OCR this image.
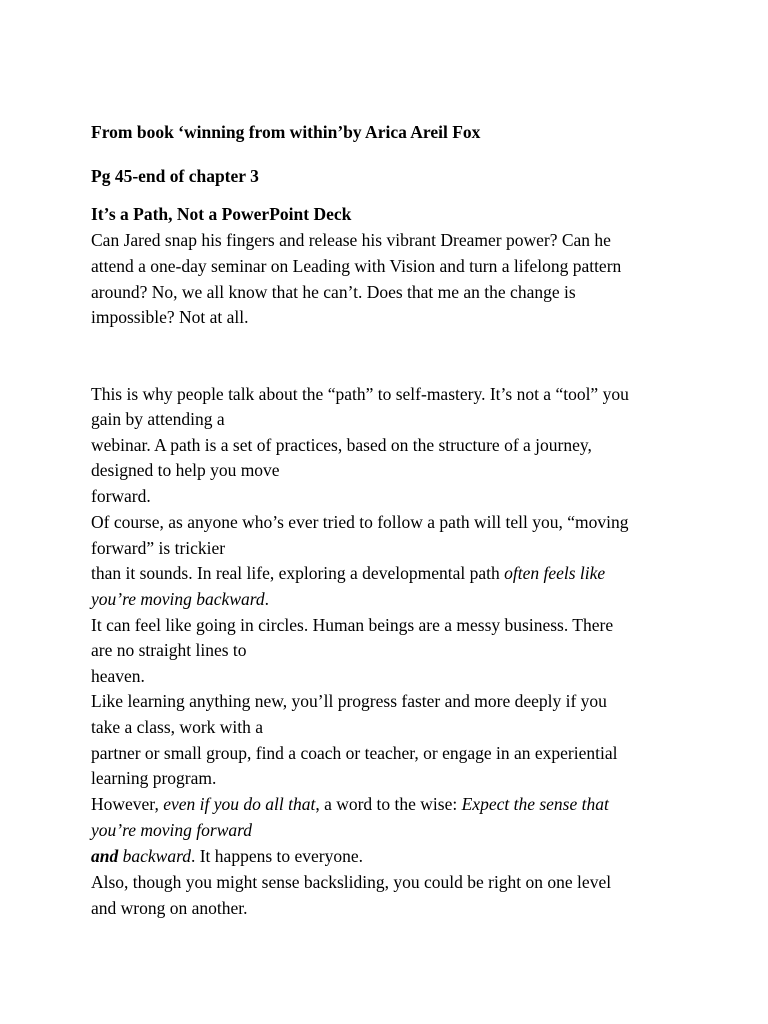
From book ‘winning from within’by Arica Areil Fox
Pg 45-end of chapter 3
It’s a Path, Not a PowerPoint Deck
Can Jared snap his fingers and release his vibrant Dreamer power? Can he
attend a one-day seminar on Leading with Vision and turn a lifelong pattern
around? No, we all know that he can’t. Does that me an the change is
impossible? Not at all.
This is why people talk about the “path” to self-mastery. It’s not a “tool” you
gain by attending a
webinar. A path is a set of practices, based on the structure of a journey,
designed to help you move
forward.
Of course, as anyone who’s ever tried to follow a path will tell you, “moving
forward” is trickier
than it sounds. In real life, exploring a developmental path often feels like
you’re moving backward.
It can feel like going in circles. Human beings are a messy business. There
are no straight lines to
heaven.
Like learning anything new, you’ll progress faster and more deeply if you
take a class, work with a
partner or small group, find a coach or teacher, or engage in an experiential
learning program.
However, even if you do all that, a word to the wise: Expect the sense that
you’re moving forward
and backward. It happens to everyone.
Also, though you might sense backsliding, you could be right on one level
and wrong on another.
